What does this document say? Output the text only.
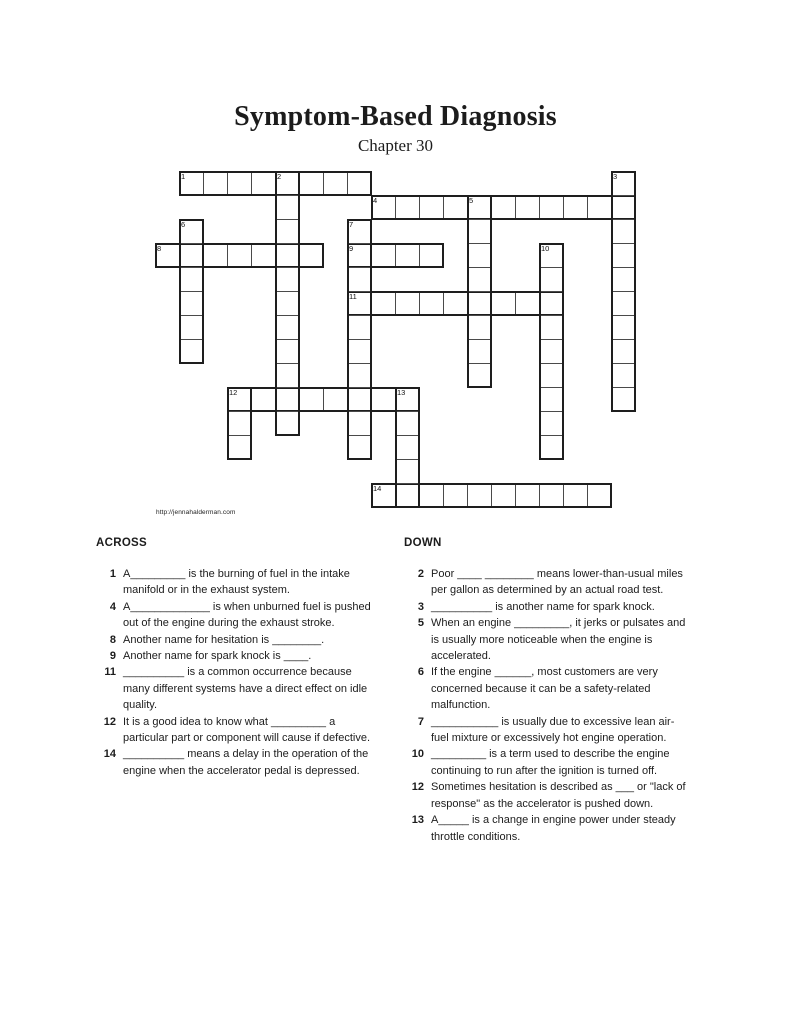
Symptom-Based Diagnosis
Chapter 30
1
4
8	9
11
12
14
2	3
5
6	7
10
13
http://jennahalderman.com
ACROSS
1 A_________ is the burning of fuel in the intake manifold or in the exhaust system.
4 A_____________ is when unburned fuel is pushed out of the engine during the exhaust stroke.
8 Another name for hesitation is ________.
9 Another name for spark knock is ____.
11 __________ is a common occurrence because many different systems have a direct effect on idle quality.
12 It is a good idea to know what _________ a particular part or component will cause if defective.
14 __________ means a delay in the operation of the engine when the accelerator pedal is depressed.
DOWN
2 Poor ____ ________ means lower-than-usual miles per gallon as determined by an actual road test.
3 __________ is another name for spark knock.
5 When an engine _________, it jerks or pulsates and is usually more noticeable when the engine is accelerated.
6 If the engine ______, most customers are very concerned because it can be a safety-related malfunction.
7 ___________ is usually due to excessive lean air-fuel mixture or excessively hot engine operation.
10 _________ is a term used to describe the engine continuing to run after the ignition is turned off.
12 Sometimes hesitation is described as ___ or "lack of response" as the accelerator is pushed down.
13 A_____ is a change in engine power under steady throttle conditions.
